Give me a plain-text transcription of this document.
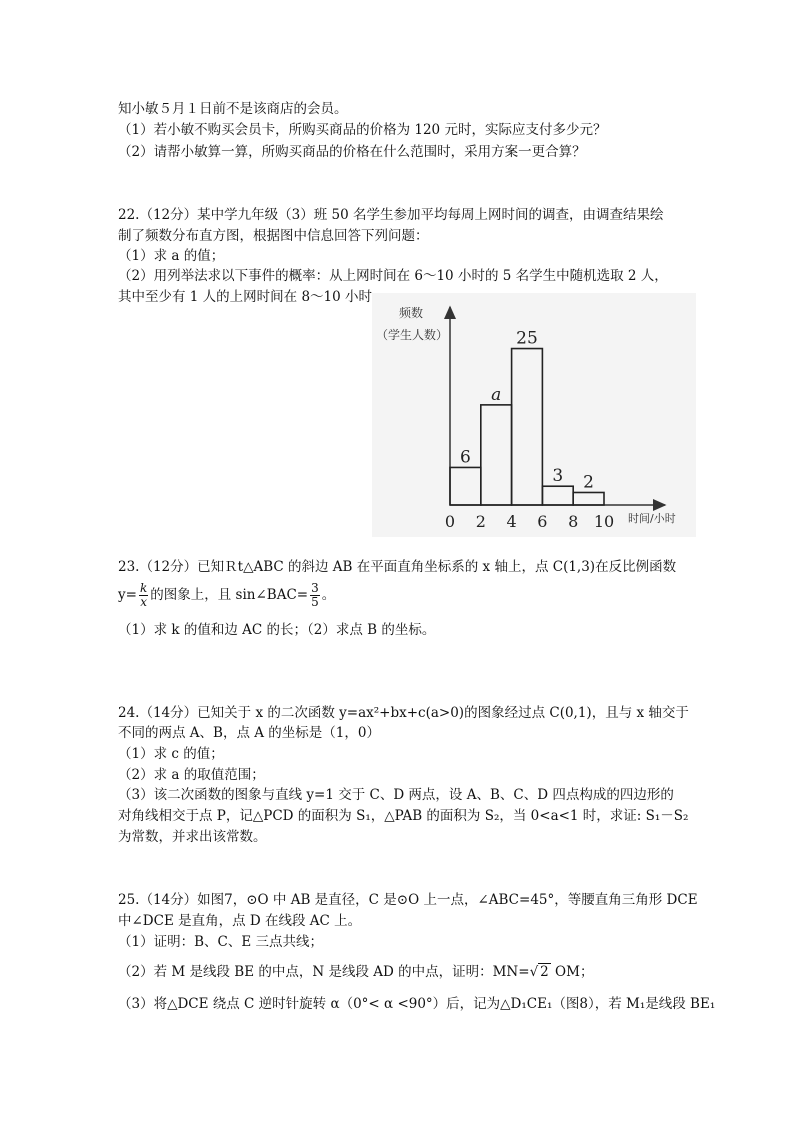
知小敏５月１日前不是该商店的会员。
（1）若小敏不购买会员卡，所购买商品的价格为 120 元时，实际应支付多少元？
（2）请帮小敏算一算，所购买商品的价格在什么范围时，采用方案一更合算？
22.（12分）某中学九年级（3）班 50 名学生参加平均每周上网时间的调查，由调查结果绘
制了频数分布直方图，根据图中信息回答下列问题：
（1）求 a 的值；
（2）用列举法求以下事件的概率：从上网时间在 6～10 小时的 5 名学生中随机选取 2 人，
其中至少有 1 人的上网时间在 8～10 小时
频数
（学生人数）
时间/小时
6
a
25
3 2
0 2 4 6 8 10
23.（12分）已知Ｒt△ABC 的斜边 AB 在平面直角坐标系的 x 轴上，点 C(1,3)在反比例函数
$y= \frac{k}{x}$ 的图象上，且 sin∠BAC= $\frac{3}{5}$ 。
（1）求 k 的值和边 AC 的长；（2）求点 B 的坐标。
24.（14分）已知关于 x 的二次函数 y=ax²+bx+c(a>0)的图象经过点 C(0,1)，且与 x 轴交于
不同的两点 A、B，点 A 的坐标是（1，0）
（1）求 c 的值；
（2）求 a 的取值范围；
（3）该二次函数的图象与直线 y=1 交于 C、D 两点，设 A、B、C、D 四点构成的四边形的
对角线相交于点 P，记△PCD 的面积为 S₁，△PAB 的面积为 S₂，当 0<a<1 时，求证: S₁－S₂
为常数，并求出该常数。
25.（14分）如图7，⊙O 中 AB 是直径，C 是⊙O 上一点，∠ABC=45°，等腰直角三角形 DCE
中∠DCE 是直角，点 D 在线段 AC 上。
（1）证明：B、C、E 三点共线；
（2）若 M 是线段 BE 的中点，N 是线段 AD 的中点，证明：MN=√ 2 OM；
（3）将△DCE 绕点 C 逆时针旋转 α（0°< α <90°）后，记为△D₁CE₁（图8），若 M₁是线段 BE₁
